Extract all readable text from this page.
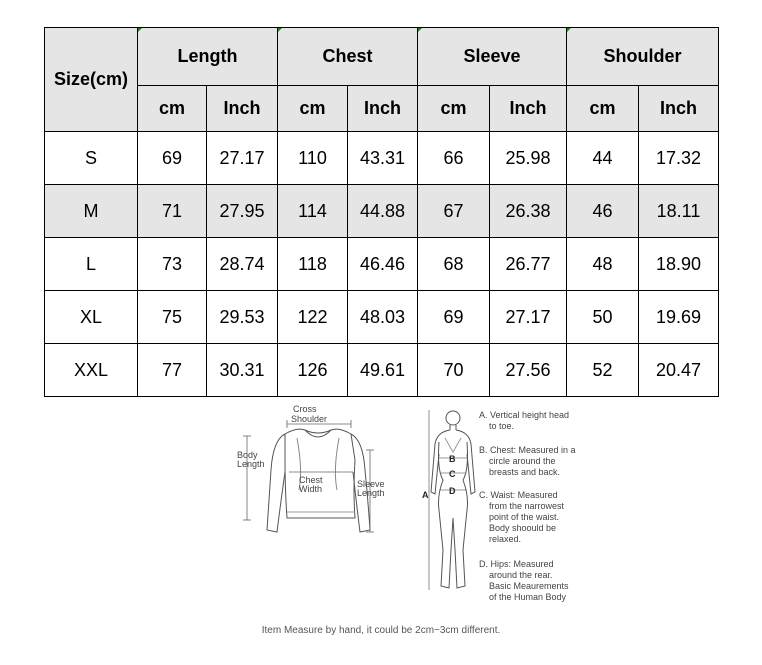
Size(cm)	Length		Chest		Sleeve		Shoulder	
	cm	Inch	cm	Inch	cm	Inch	cm	Inch
S	69	27.17	110	43.31	66	25.98	44	17.32
M	71	27.95	114	44.88	67	26.38	46	18.11
L	73	28.74	118	46.46	68	26.77	48	18.90
XL	75	29.53	122	48.03	69	27.17	50	19.69
XXL	77	30.31	126	49.61	70	27.56	52	20.47
Cross
Shoulder
Body
Length
Chest
Width	Sleeve
Length	A
B
C
D
A. Vertical height head
to toe.
B. Chest: Measured in a
circle around the
breasts and back.
C. Waist: Measured
from the narrowest
point of the waist.
Body shoould be
relaxed.
D. Hips: Measured
around the rear.
Basic Meaurements
of the Human Body
Item Measure by hand, it could be 2cm~3cm different.
